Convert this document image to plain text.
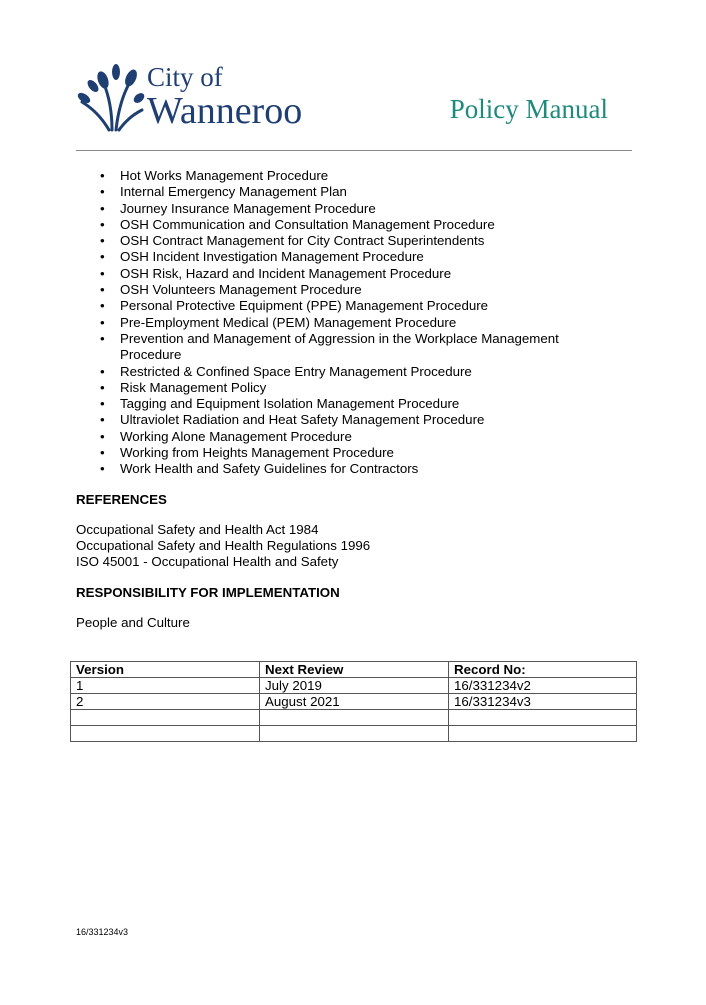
City of
Wanneroo	Policy Manual
• Hot Works Management Procedure
• Internal Emergency Management Plan
• Journey Insurance Management Procedure
• OSH Communication and Consultation Management Procedure
• OSH Contract Management for City Contract Superintendents
• OSH Incident Investigation Management Procedure
• OSH Risk, Hazard and Incident Management Procedure
• OSH Volunteers Management Procedure
• Personal Protective Equipment (PPE) Management Procedure
• Pre-Employment Medical (PEM) Management Procedure
• Prevention and Management of Aggression in the Workplace Management Procedure
• Restricted & Confined Space Entry Management Procedure
• Risk Management Policy
• Tagging and Equipment Isolation Management Procedure
• Ultraviolet Radiation and Heat Safety Management Procedure
• Working Alone Management Procedure
• Working from Heights Management Procedure
• Work Health and Safety Guidelines for Contractors
REFERENCES
Occupational Safety and Health Act 1984
Occupational Safety and Health Regulations 1996
ISO 45001 - Occupational Health and Safety
RESPONSIBILITY FOR IMPLEMENTATION
People and Culture
Version	Next Review	Record No:
1	July 2019	16/331234v2
2	August 2021	16/331234v3

16/331234v3
